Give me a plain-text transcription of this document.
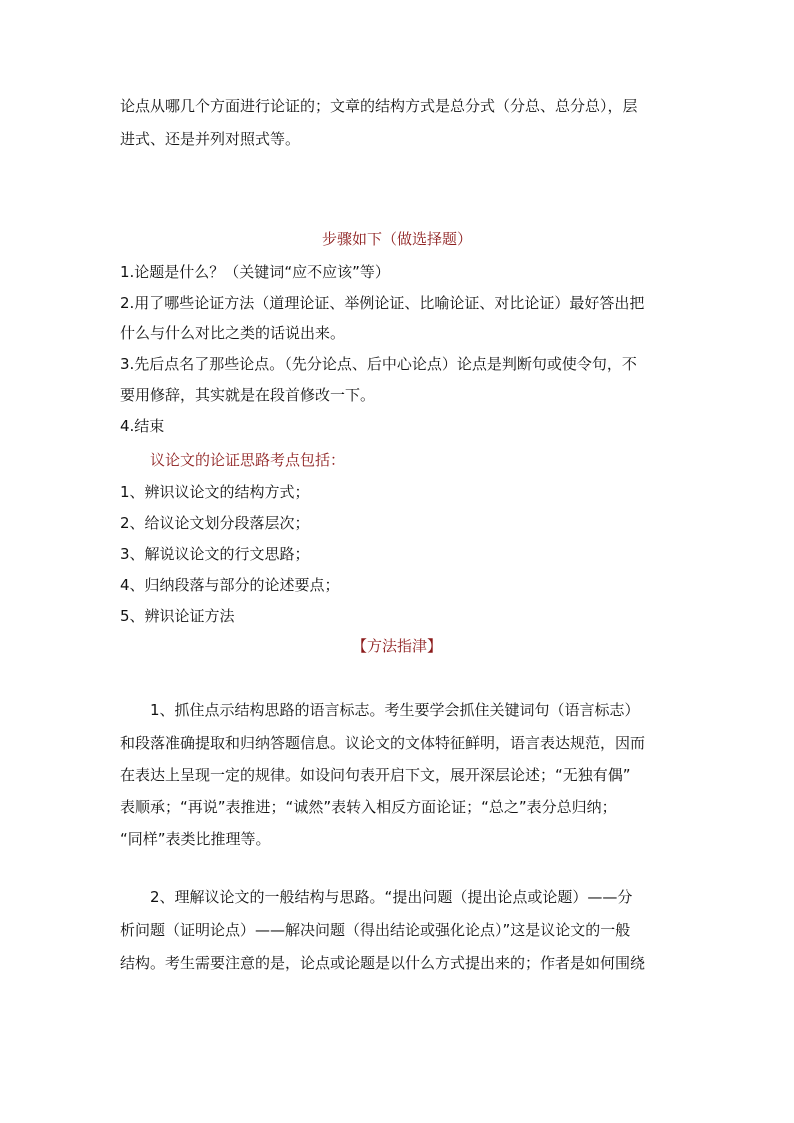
论点从哪几个方面进行论证的；文章的结构方式是总分式（分总、总分总），层

进式、还是并列对照式等。

步骤如下（做选择题）

1.论题是什么？（关键词“应不应该”等）

2.用了哪些论证方法（道理论证、举例论证、比喻论证、对比论证）最好答出把

什么与什么对比之类的话说出来。

3.先后点名了那些论点。（先分论点、后中心论点）论点是判断句或使令句，不

要用修辞，其实就是在段首修改一下。

4.结束

议论文的论证思路考点包括：

1、辨识议论文的结构方式；

2、给议论文划分段落层次；

3、解说议论文的行文思路；

4、归纳段落与部分的论述要点；

5、辨识论证方法

【方法指津】

1、抓住点示结构思路的语言标志。考生要学会抓住关键词句（语言标志）

和段落准确提取和归纳答题信息。议论文的文体特征鲜明，语言表达规范，因而

在表达上呈现一定的规律。如设问句表开启下文，展开深层论述；“无独有偶”

表顺承；“再说”表推进；“诚然”表转入相反方面论证；“总之”表分总归纳；

“同样”表类比推理等。

2、理解议论文的一般结构与思路。“提出问题（提出论点或论题）——分

析问题（证明论点）——解决问题（得出结论或强化论点）”这是议论文的一般

结构。考生需要注意的是，论点或论题是以什么方式提出来的；作者是如何围绕
